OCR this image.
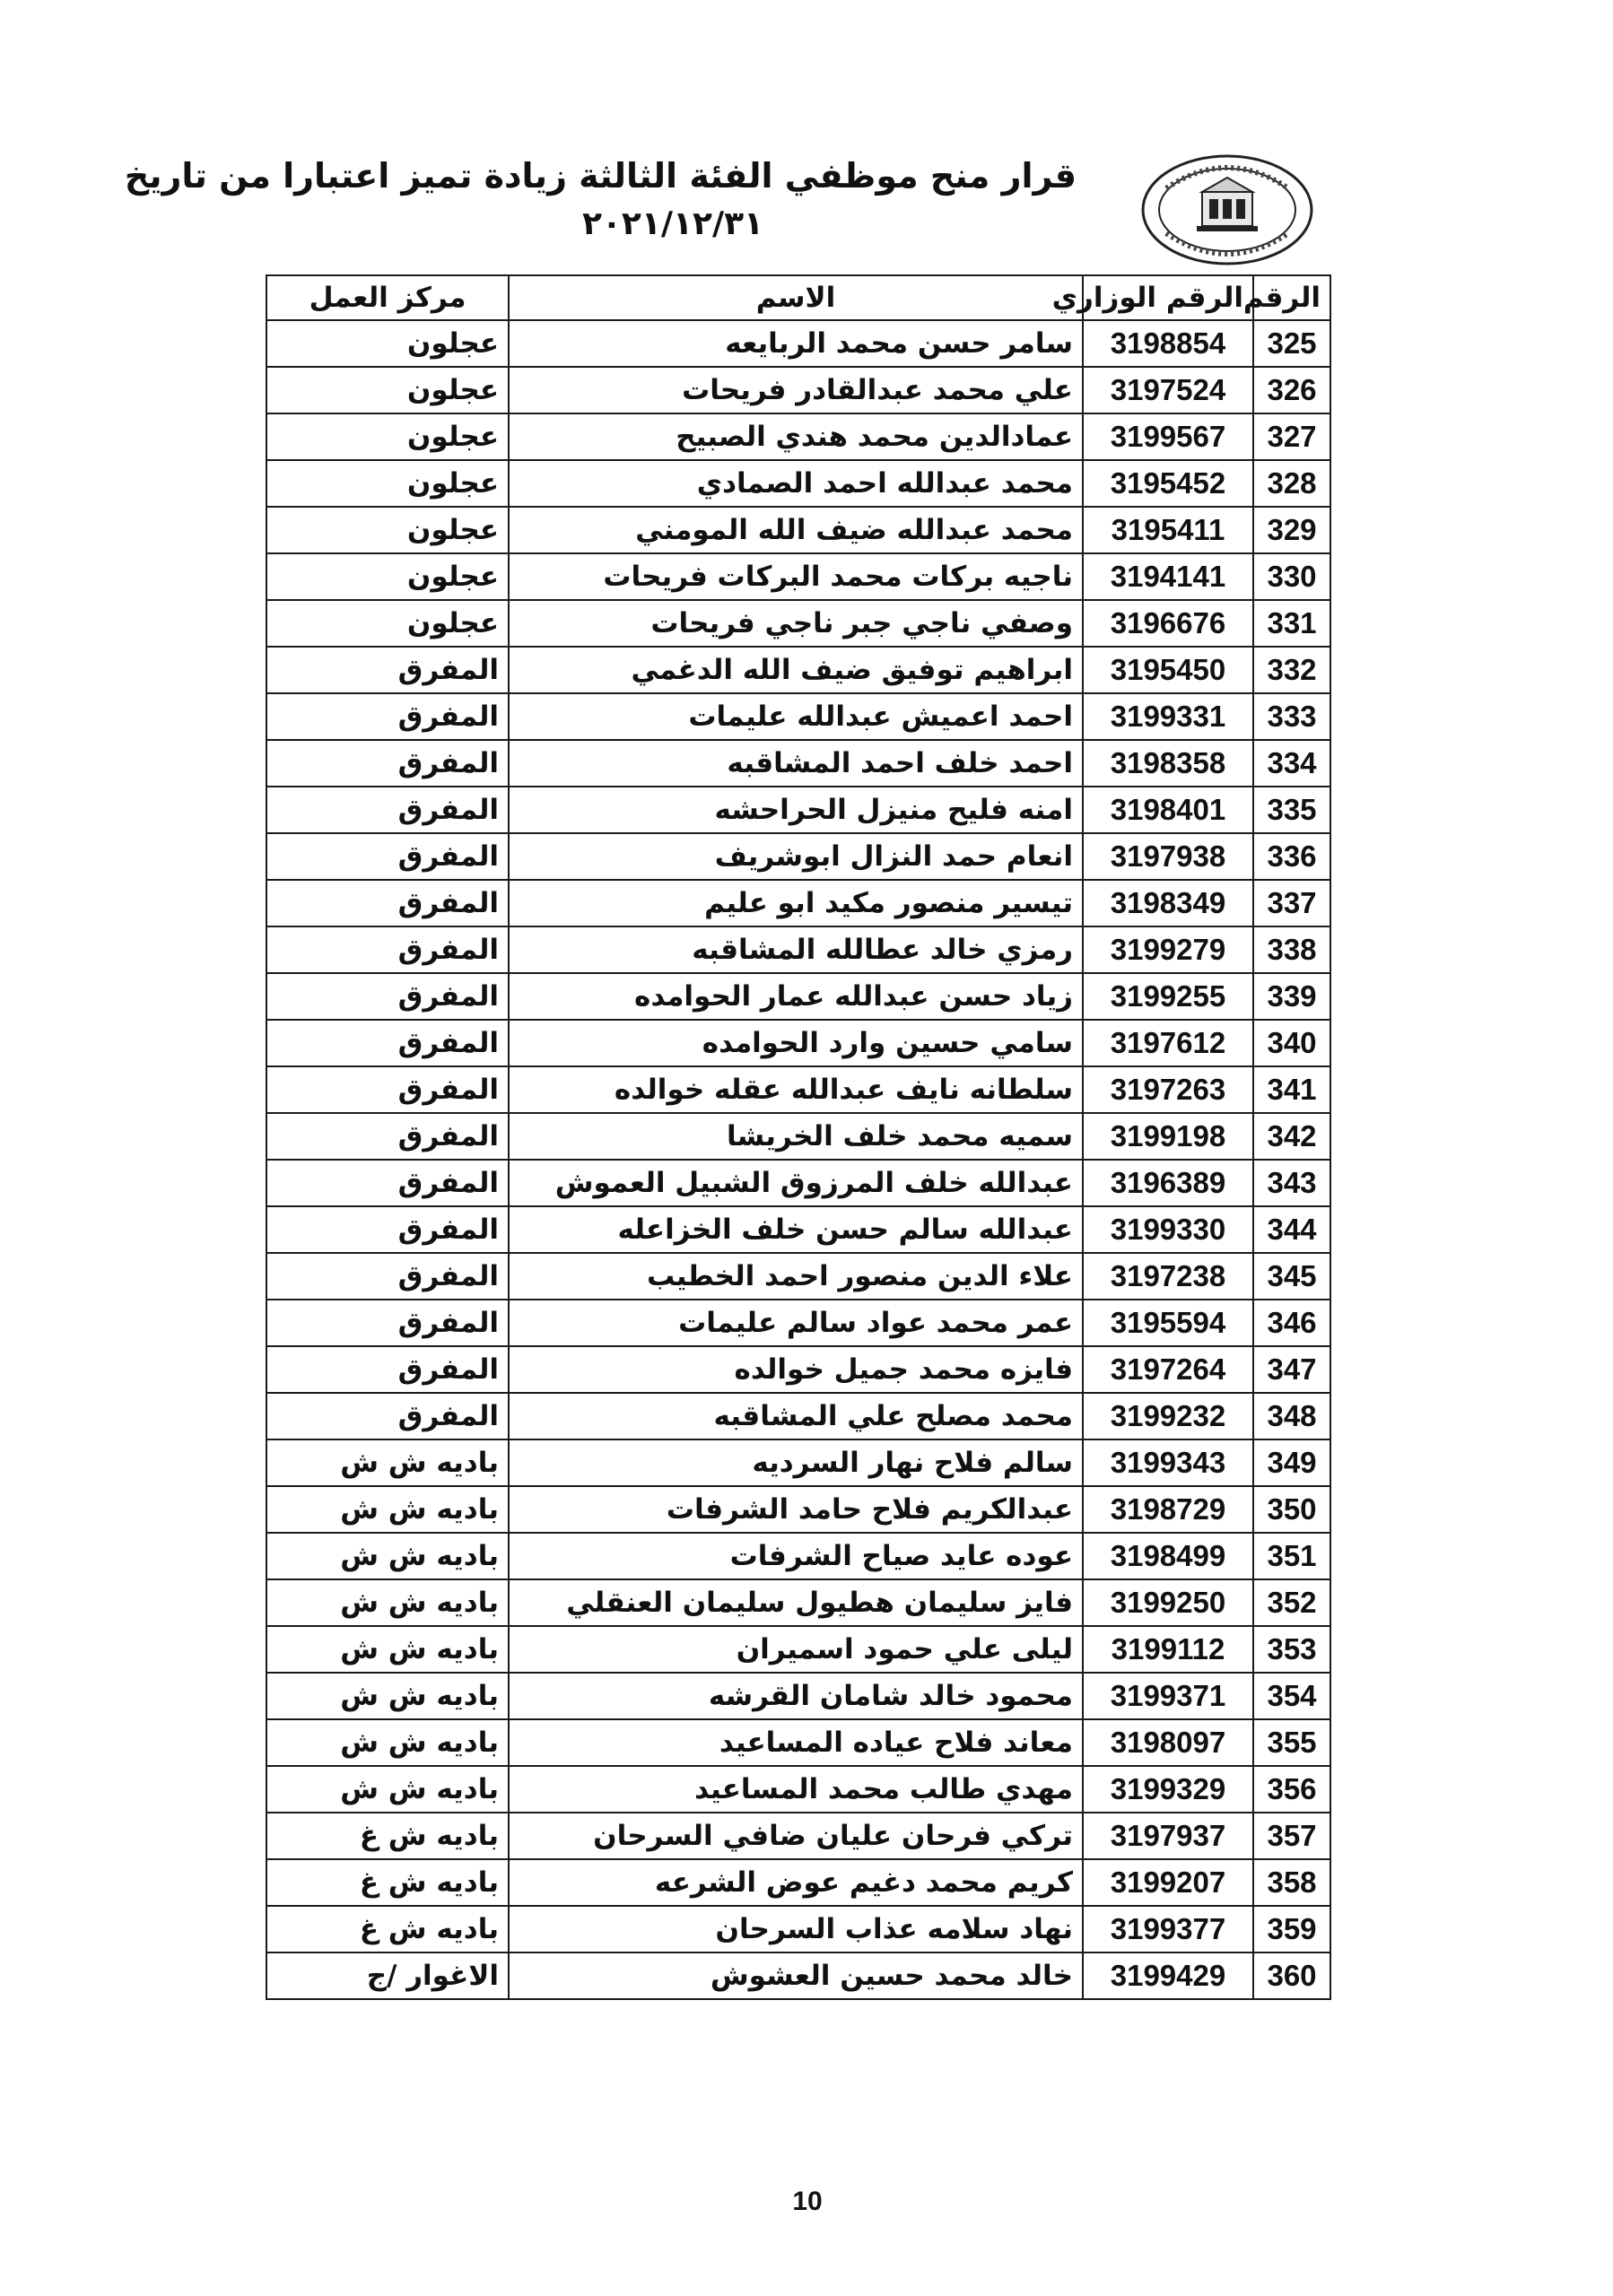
قرار منح موظفي الفئة الثالثة زيادة تميز اعتبارا من تاريخ
٢٠٢١/١٢/٣١
الرقم	الرقم الوزاري	الاسم	مركز العمل
325	3198854	سامر حسن محمد الربايعه	عجلون
326	3197524	علي محمد عبدالقادر فريحات	عجلون
327	3199567	عمادالدين محمد هندي الصبيح	عجلون
328	3195452	محمد عبدالله احمد الصمادي	عجلون
329	3195411	محمد عبدالله ضيف الله المومني	عجلون
330	3194141	ناجيه بركات محمد البركات فريحات	عجلون
331	3196676	وصفي ناجي جبر ناجي فريحات	عجلون
332	3195450	ابراهيم توفيق ضيف الله الدغمي	المفرق
333	3199331	احمد اعميش عبدالله عليمات	المفرق
334	3198358	احمد خلف احمد المشاقبه	المفرق
335	3198401	امنه فليح منيزل الحراحشه	المفرق
336	3197938	انعام حمد النزال ابوشريف	المفرق
337	3198349	تيسير منصور مكيد ابو عليم	المفرق
338	3199279	رمزي خالد عطالله المشاقبه	المفرق
339	3199255	زياد حسن عبدالله عمار الحوامده	المفرق
340	3197612	سامي حسين وارد الحوامده	المفرق
341	3197263	سلطانه نايف عبدالله عقله خوالده	المفرق
342	3199198	سميه محمد خلف الخريشا	المفرق
343	3196389	عبدالله خلف المرزوق الشبيل العموش	المفرق
344	3199330	عبدالله سالم حسن خلف الخزاعله	المفرق
345	3197238	علاء الدين منصور احمد الخطيب	المفرق
346	3195594	عمر محمد عواد سالم عليمات	المفرق
347	3197264	فايزه محمد جميل خوالده	المفرق
348	3199232	محمد مصلح علي المشاقبه	المفرق
349	3199343	سالم فلاح نهار السرديه	باديه ش ش
350	3198729	عبدالكريم فلاح حامد الشرفات	باديه ش ش
351	3198499	عوده عايد صياح الشرفات	باديه ش ش
352	3199250	فايز سليمان هطيول سليمان العنقلي	باديه ش ش
353	3199112	ليلى علي حمود اسميران	باديه ش ش
354	3199371	محمود خالد شامان القرشه	باديه ش ش
355	3198097	معاند فلاح عياده المساعيد	باديه ش ش
356	3199329	مهدي طالب محمد المساعيد	باديه ش ش
357	3197937	تركي فرحان عليان ضافي السرحان	باديه ش غ
358	3199207	كريم محمد دغيم عوض الشرعه	باديه ش غ
359	3199377	نهاد سلامه عذاب السرحان	باديه ش غ
360	3199429	خالد محمد حسين العشوش	الاغوار /ج
10
